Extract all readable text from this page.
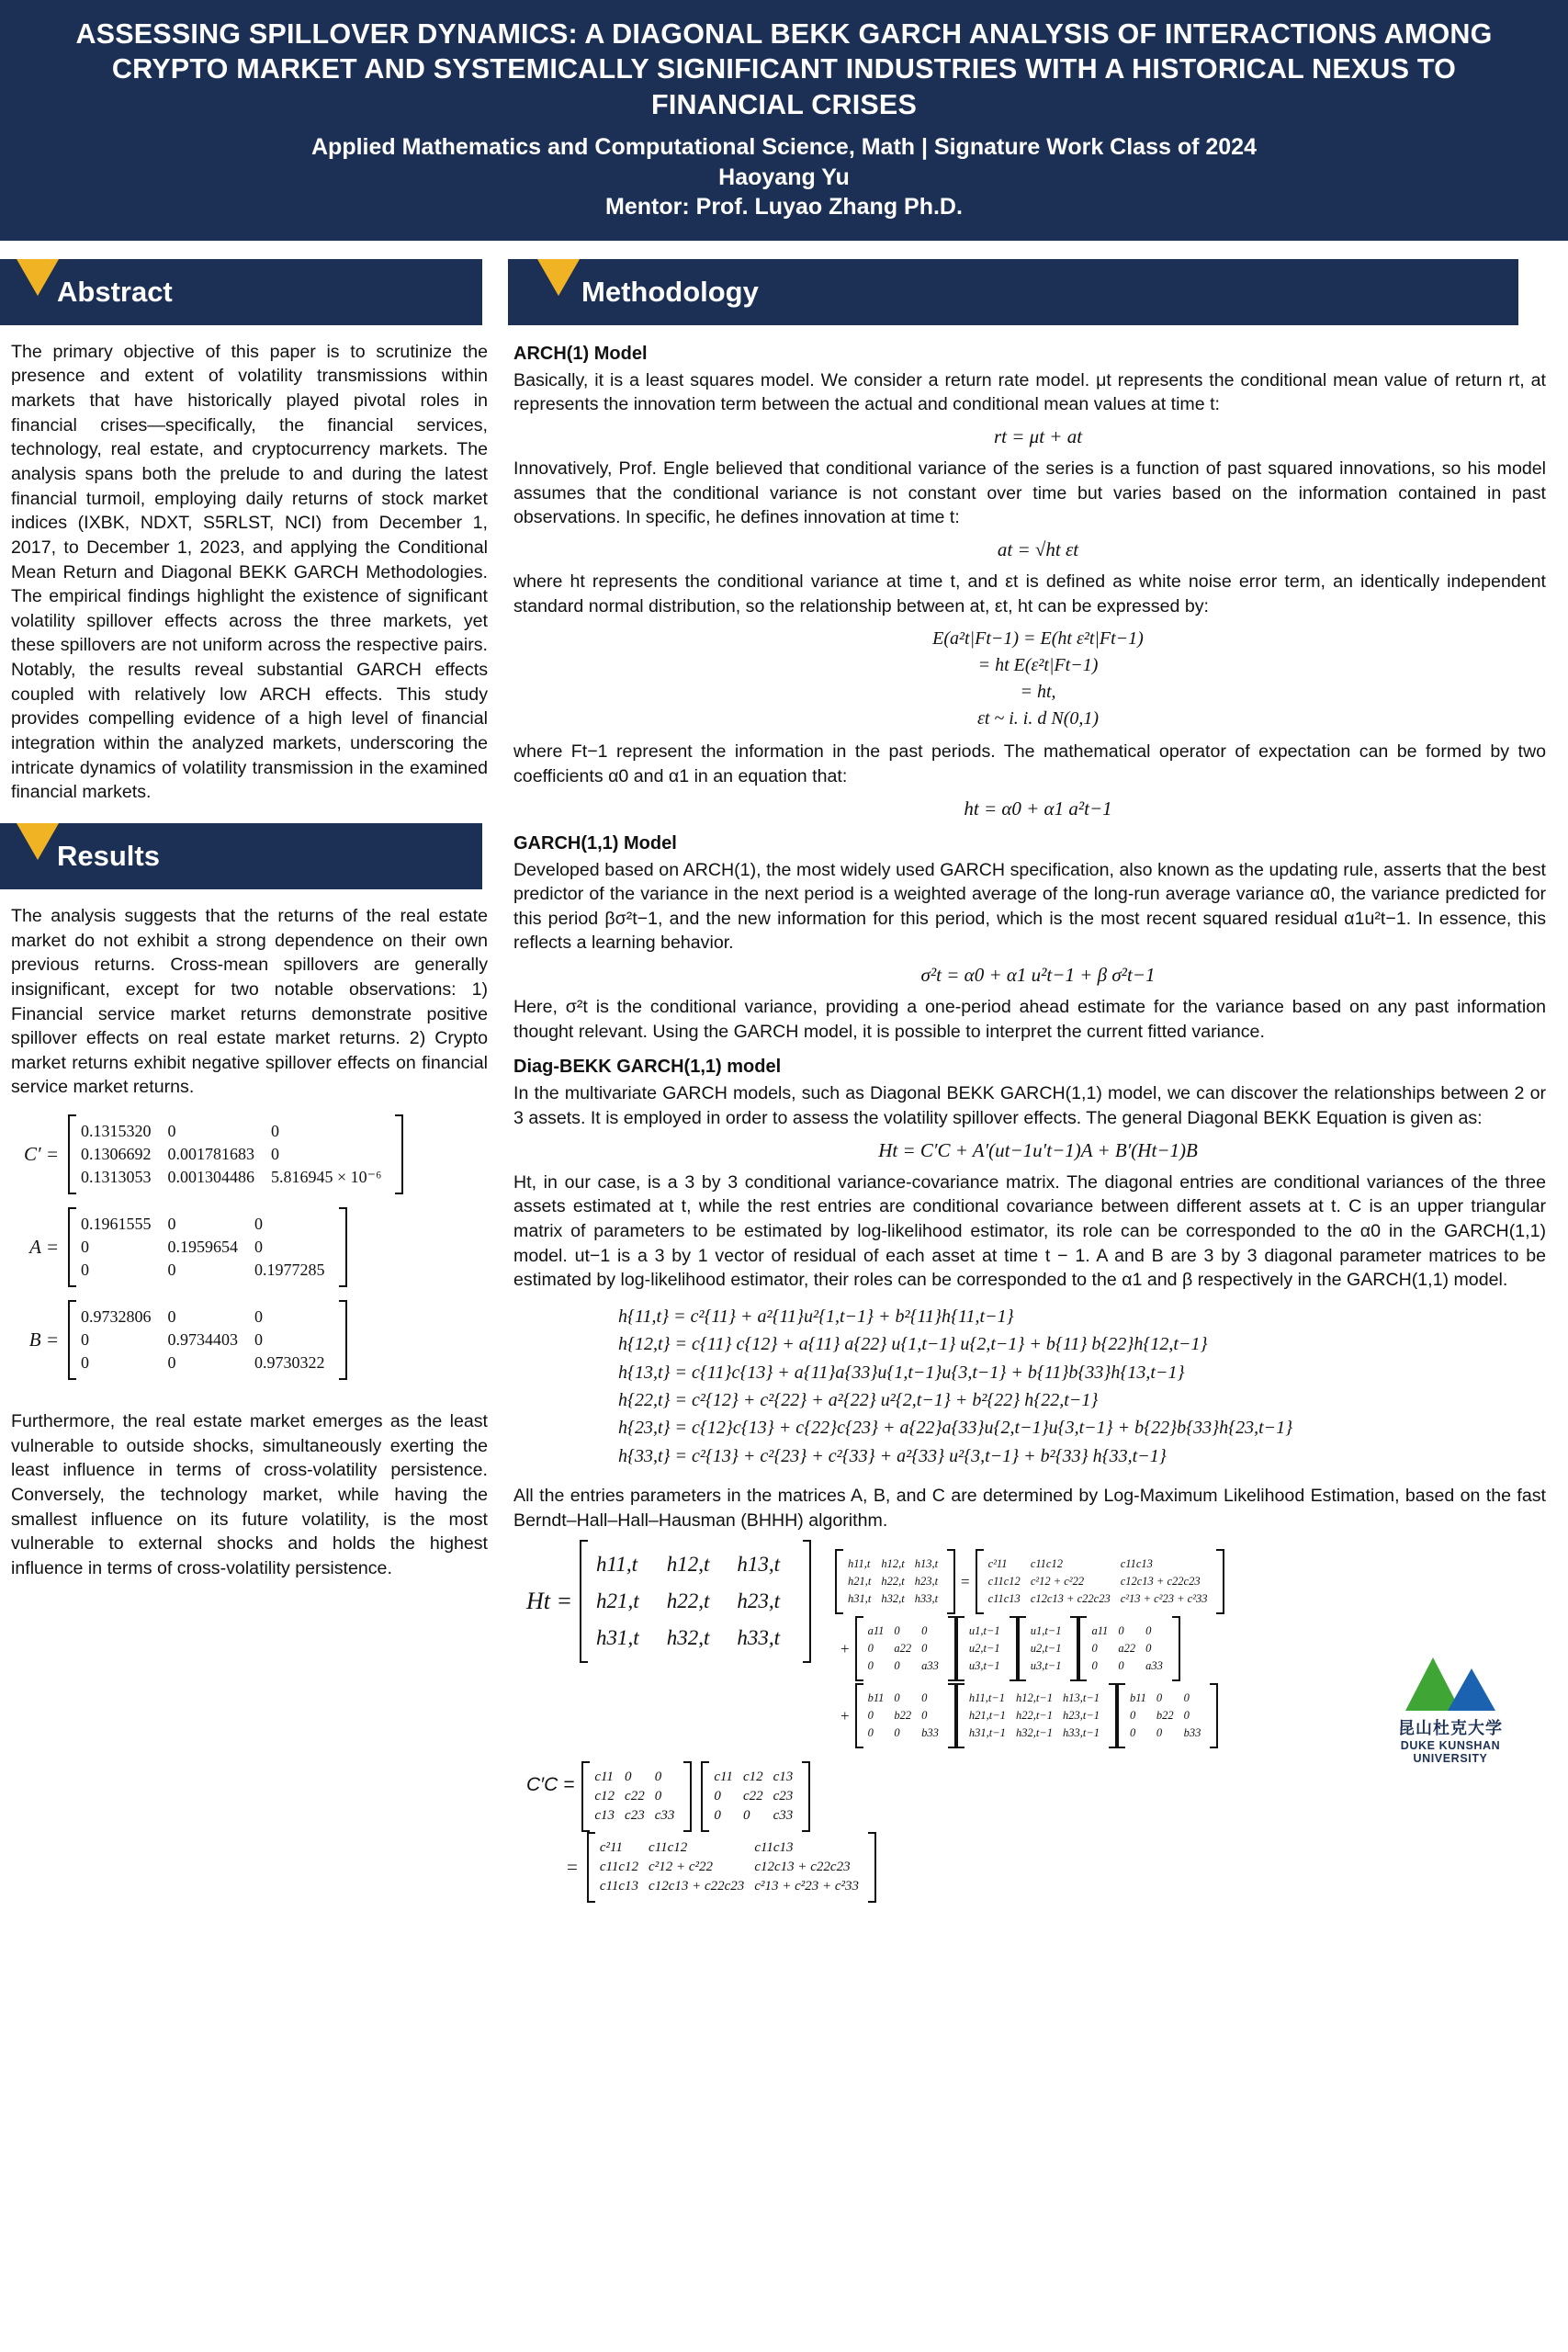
ASSESSING SPILLOVER DYNAMICS: A DIAGONAL BEKK GARCH ANALYSIS OF INTERACTIONS AMONG CRYPTO MARKET AND SYSTEMICALLY SIGNIFICANT INDUSTRIES WITH A HISTORICAL NEXUS TO FINANCIAL CRISES
Applied Mathematics and Computational Science, Math | Signature Work Class of 2024
Haoyang Yu
Mentor: Prof. Luyao Zhang Ph.D.
Abstract
The primary objective of this paper is to scrutinize the presence and extent of volatility transmissions within markets that have historically played pivotal roles in financial crises—specifically, the financial services, technology, real estate, and cryptocurrency markets. The analysis spans both the prelude to and during the latest financial turmoil, employing daily returns of stock market indices (IXBK, NDXT, S5RLST, NCI) from December 1, 2017, to December 1, 2023, and applying the Conditional Mean Return and Diagonal BEKK GARCH Methodologies. The empirical findings highlight the existence of significant volatility spillover effects across the three markets, yet these spillovers are not uniform across the respective pairs. Notably, the results reveal substantial GARCH effects coupled with relatively low ARCH effects. This study provides compelling evidence of a high level of financial integration within the analyzed markets, underscoring the intricate dynamics of volatility transmission in the examined financial markets.
Results
The analysis suggests that the returns of the real estate market do not exhibit a strong dependence on their own previous returns. Cross-mean spillovers are generally insignificant, except for two notable observations: 1) Financial service market returns demonstrate positive spillover effects on real estate market returns. 2) Crypto market returns exhibit negative spillover effects on financial service market returns.
C′ =
0.1315320	0	0
0.1306692	0.001781683	0
0.1313053	0.001304486	5.816945 × 10⁻⁶
A =
0.1961555	0	0
0	0.1959654	0
0	0	0.1977285
B =
0.9732806	0	0
0	0.9734403	0
0	0	0.9730322
Furthermore, the real estate market emerges as the least vulnerable to outside shocks, simultaneously exerting the least influence in terms of cross-volatility persistence. Conversely, the technology market, while having the smallest influence on its future volatility, is the most vulnerable to external shocks and holds the highest influence in terms of cross-volatility persistence.
Methodology
ARCH(1) Model
Basically, it is a least squares model. We consider a return rate model. μt represents the conditional mean value of return rt, at represents the innovation term between the actual and conditional mean values at time t:
rt = μt + at
Innovatively, Prof. Engle believed that conditional variance of the series is a function of past squared innovations, so his model assumes that the conditional variance is not constant over time but varies based on the information contained in past observations. In specific, he defines innovation at time t:
at = √ht εt
where ht represents the conditional variance at time t, and εt is defined as white noise error term, an identically independent standard normal distribution, so the relationship between at, εt, ht can be expressed by:
E(a²t|Ft−1) = E(ht ε²t|Ft−1)
= ht E(ε²t|Ft−1)
= ht,
εt ~ i. i. d N(0,1)
where Ft−1 represent the information in the past periods. The mathematical operator of expectation can be formed by two coefficients α0 and α1 in an equation that:
ht = α0 + α1 a²t−1
GARCH(1,1) Model
Developed based on ARCH(1), the most widely used GARCH specification, also known as the updating rule, asserts that the best predictor of the variance in the next period is a weighted average of the long-run average variance α0, the variance predicted for this period βσ²t−1, and the new information for this period, which is the most recent squared residual α1u²t−1. In essence, this reflects a learning behavior.
σ²t = α0 + α1 u²t−1 + β σ²t−1
Here, σ²t is the conditional variance, providing a one-period ahead estimate for the variance based on any past information thought relevant. Using the GARCH model, it is possible to interpret the current fitted variance.
Diag-BEKK GARCH(1,1) model
In the multivariate GARCH models, such as Diagonal BEKK GARCH(1,1) model, we can discover the relationships between 2 or 3 assets. It is employed in order to assess the volatility spillover effects. The general Diagonal BEKK Equation is given as:
Ht = C′C + A′(ut−1u′t−1)A + B′(Ht−1)B
Ht, in our case, is a 3 by 3 conditional variance-covariance matrix. The diagonal entries are conditional variances of the three assets estimated at t, while the rest entries are conditional covariance between different assets at t. C is an upper triangular matrix of parameters to be estimated by log-likelihood estimator, its role can be corresponded to the α0 in the GARCH(1,1) model. ut−1 is a 3 by 1 vector of residual of each asset at time t − 1. A and B are 3 by 3 diagonal parameter matrices to be estimated by log-likelihood estimator, their roles can be corresponded to the α1 and β respectively in the GARCH(1,1) model.
h{11,t} = c²{11} + a²{11}u²{1,t−1} + b²{11}h{11,t−1}
h{12,t} = c{11} c{12} + a{11} a{22} u{1,t−1} u{2,t−1} + b{11} b{22}h{12,t−1}
h{13,t} = c{11}c{13} + a{11}a{33}u{1,t−1}u{3,t−1} + b{11}b{33}h{13,t−1}
h{22,t} = c²{12} + c²{22} + a²{22} u²{2,t−1} + b²{22} h{22,t−1}
h{23,t} = c{12}c{13} + c{22}c{23} + a{22}a{33}u{2,t−1}u{3,t−1} + b{22}b{33}h{23,t−1}
h{33,t} = c²{13} + c²{23} + c²{33} + a²{33} u²{3,t−1} + b²{33} h{33,t−1}
All the entries parameters in the matrices A, B, and C are determined by Log-Maximum Likelihood Estimation, based on the fast Berndt–Hall–Hall–Hausman (BHHH) algorithm.
Ht =
h11,t	h12,t	h13,t
h21,t	h22,t	h23,t
h31,t	h32,t	h33,t
h11,t	h12,t	h13,t
h21,t	h22,t	h23,t
h31,t	h32,t	h33,t
=
c²11	c11c12	c11c13
c11c12	c²12 + c²22	c12c13 + c22c23
c11c13	c12c13 + c22c23	c²13 + c²23 + c²33
+
a11	0	0
0	a22	0
0	0	a33
u1,t−1
u2,t−1
u3,t−1
u1,t−1
u2,t−1
u3,t−1
a11	0	0
0	a22	0
0	0	a33
+
b11	0	0
0	b22	0
0	0	b33
h11,t−1	h12,t−1	h13,t−1
h21,t−1	h22,t−1	h23,t−1
h31,t−1	h32,t−1	h33,t−1
b11	0	0
0	b22	0
0	0	b33
C′C = c11	0	0
c12	c22	0
c13	c23	c33
c11	c12	c13
0	c22	c23
0	0	c33
=
c²11	c11c12	c11c13
c11c12	c²12 + c²22	c12c13 + c22c23
c11c13	c12c13 + c22c23	c²13 + c²23 + c²33
昆山杜克大学
DUKE KUNSHAN
UNIVERSITY
